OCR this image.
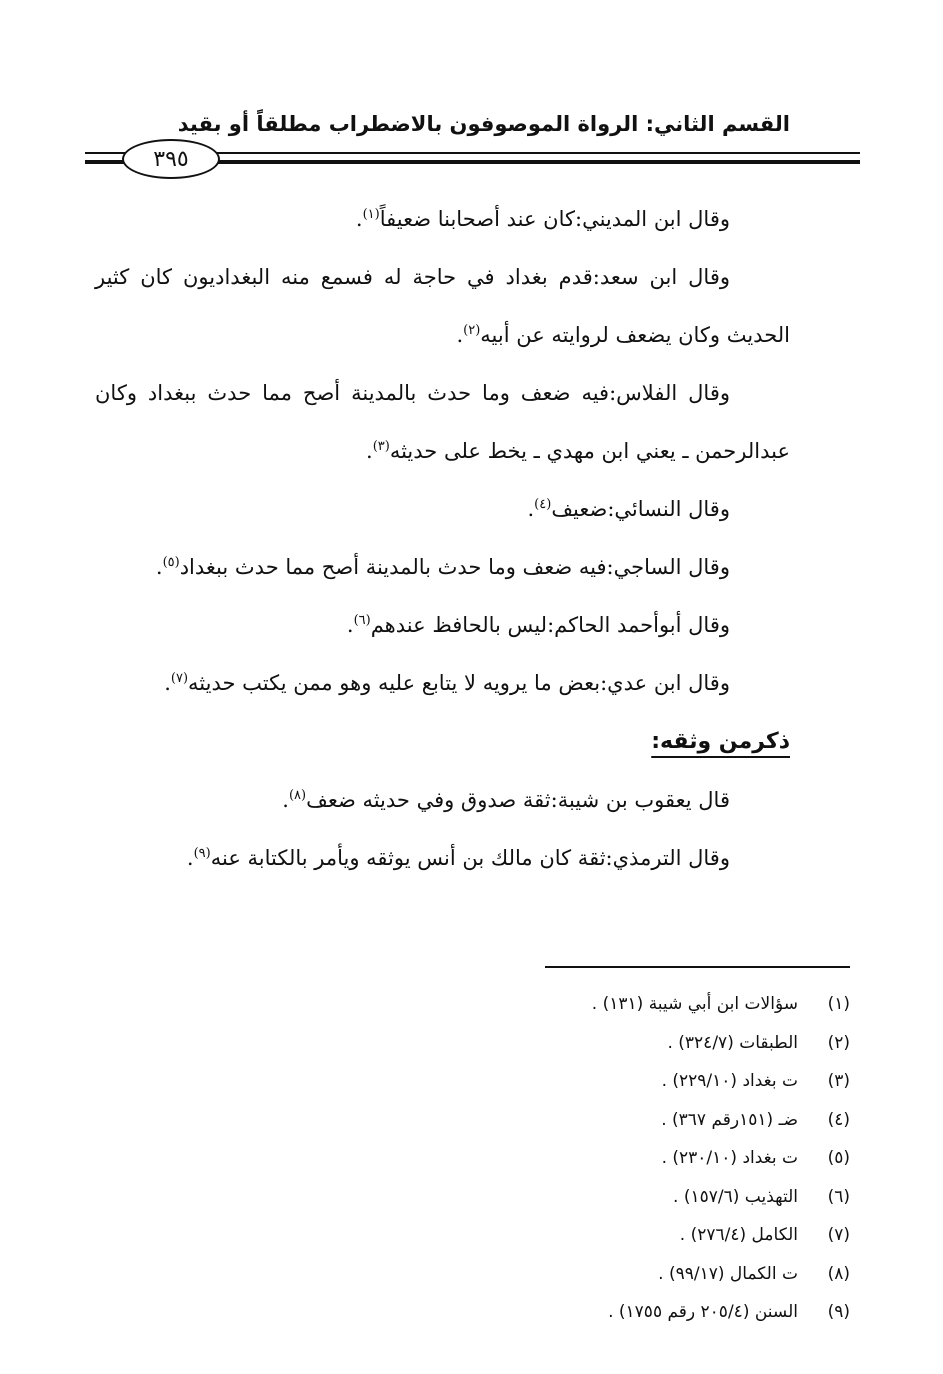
القسم الثاني: الرواة الموصوفون بالاضطراب مطلقاً أو بقيد
٣٩٥

وقال ابن المديني:كان عند أصحابنا ضعيفاً$^{(١)}$.

وقال ابن سعد:قدم بغداد في حاجة له فسمع منه البغداديون كان كثير الحديث وكان يضعف لروايته عن أبيه$^{(٢)}$.

وقال الفلاس:فيه ضعف وما حدث بالمدينة أصح مما حدث ببغداد وكان عبدالرحمن ـ يعني ابن مهدي ـ يخط على حديثه$^{(٣)}$.

وقال النسائي:ضعيف$^{(٤)}$.

وقال الساجي:فيه ضعف وما حدث بالمدينة أصح مما حدث ببغداد$^{(٥)}$.

وقال أبوأحمد الحاكم:ليس بالحافظ عندهم$^{(٦)}$.

وقال ابن عدي:بعض ما يرويه لا يتابع عليه وهو ممن يكتب حديثه$^{(٧)}$.

ذكرمن وثقه:

قال يعقوب بن شيبة:ثقة صدوق وفي حديثه ضعف$^{(٨)}$.

وقال الترمذي:ثقة كان مالك بن أنس يوثقه ويأمر بالكتابة عنه$^{(٩)}$.

(١)
سؤالات ابن أبي شيبة (١٣١) .
(٢)
الطبقات (٣٢٤/٧) .
(٣)
ت بغداد (٢٢٩/١٠) .
(٤)
ضـ (١٥١رقم ٣٦٧) .
(٥)
ت بغداد (٢٣٠/١٠) .
(٦)
التهذيب (١٥٧/٦) .
(٧)
الكامل (٢٧٦/٤) .
(٨)
ت الكمال (٩٩/١٧) .
(٩)
السنن (٢٠٥/٤ رقم ١٧٥٥) .
